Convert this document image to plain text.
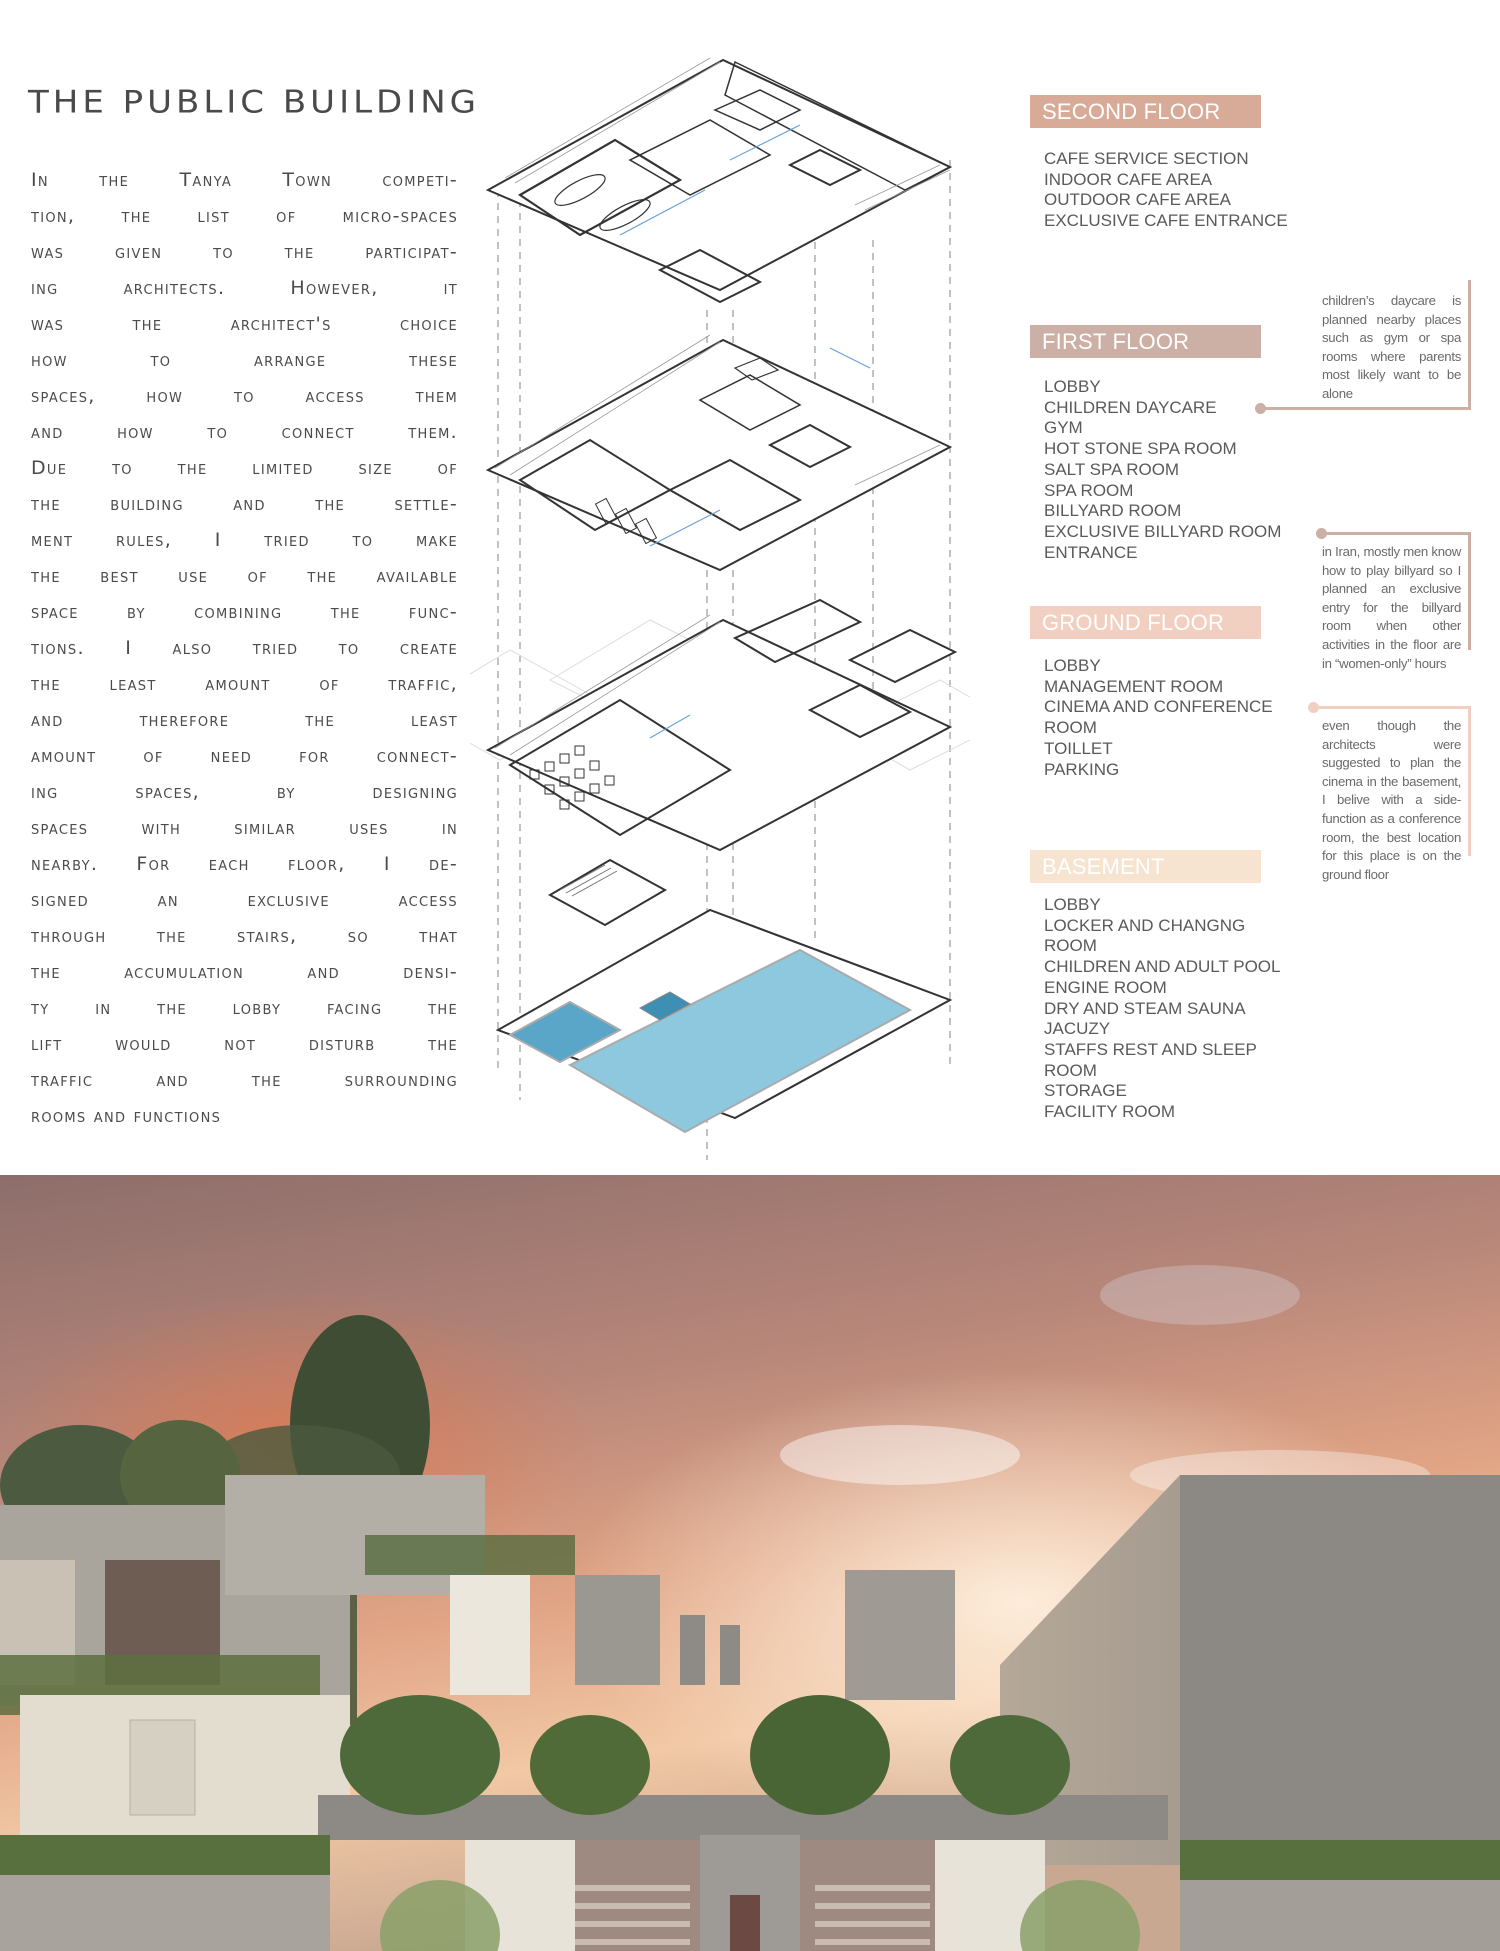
THE PUBLIC BUILDING
In the Tanya Town competi-
tion, the list of micro-spaces
was given to the participat-
ing architects. However, it
was the architect's choice
how to arrange these
spaces, how to access them
and how to connect them.
Due to the limited size of
the building and the settle-
ment rules, I tried to make
the best use of the available
space by combining the func-
tions. I also tried to create
the least amount of traffic,
and therefore the least
amount of need for connect-
ing spaces, by designing
spaces with similar uses in
nearby. For each floor, I de-
signed an exclusive access
through the stairs, so that
the accumulation and densi-
ty in the lobby facing the
lift would not disturb the
traffic and the surrounding
rooms and functions
SECOND FLOOR
CAFE SERVICE SECTION
INDOOR CAFE AREA
OUTDOOR CAFE AREA
EXCLUSIVE CAFE ENTRANCE
FIRST FLOOR
LOBBY
CHILDREN DAYCARE
GYM
HOT STONE SPA ROOM
SALT SPA ROOM
SPA ROOM
BILLYARD ROOM
EXCLUSIVE BILLYARD ROOM
ENTRANCE
GROUND FLOOR
LOBBY
MANAGEMENT ROOM
CINEMA AND CONFERENCE
ROOM
TOILLET
PARKING
BASEMENT
LOBBY
LOCKER AND CHANGNG
ROOM
CHILDREN AND ADULT POOL
ENGINE ROOM
DRY AND STEAM SAUNA
JACUZY
STAFFS REST AND SLEEP
ROOM
STORAGE
FACILITY ROOM
children’s daycare is planned nearby places such as gym or spa rooms where parents most likely want to be alone
in Iran, mostly men know how to play billyard so I planned an exclusive entry for the billyard room when other activities in the floor are in “women-only” hours
even though the architects were suggested to plan the cinema in the basement, I belive with a side-function as a conference room, the best location for this place is on the ground floor
